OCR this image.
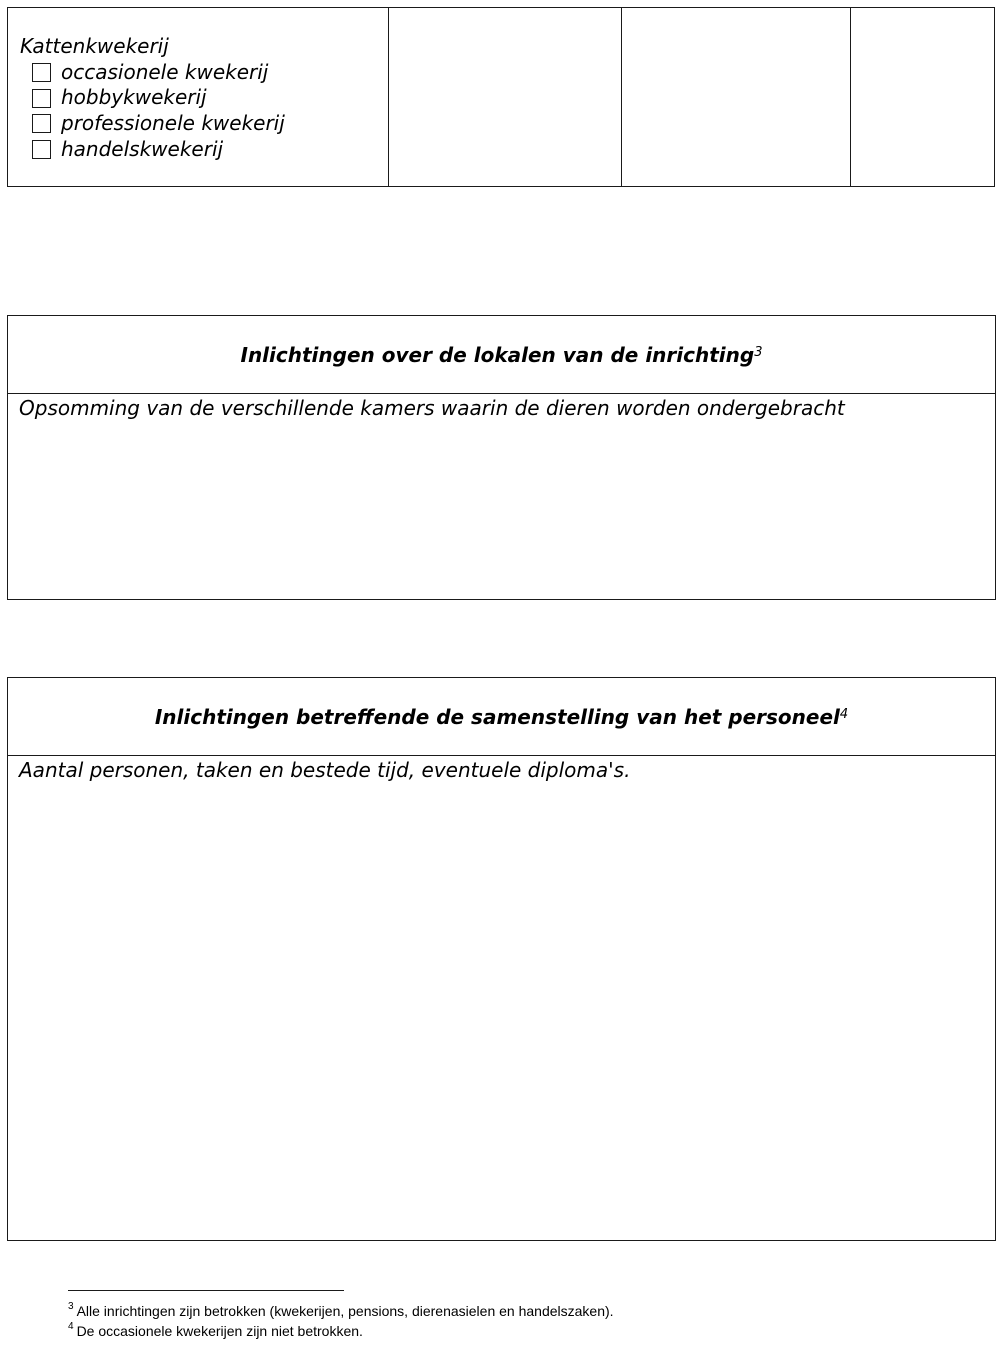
Kattenkwekerij
occasionele kwekerij
hobbykwekerij
professionele kwekerij
handelskwekerij
Inlichtingen over de lokalen van de inrichting$^3$
Opsomming van de verschillende kamers waarin de dieren worden ondergebracht
Inlichtingen betreffende de samenstelling van het personeel$^4$
Aantal personen, taken en bestede tijd, eventuele diploma's.
$^3$ Alle inrichtingen zijn betrokken (kwekerijen, pensions, dierenasielen en handelszaken).
$^4$ De occasionele kwekerijen zijn niet betrokken.
